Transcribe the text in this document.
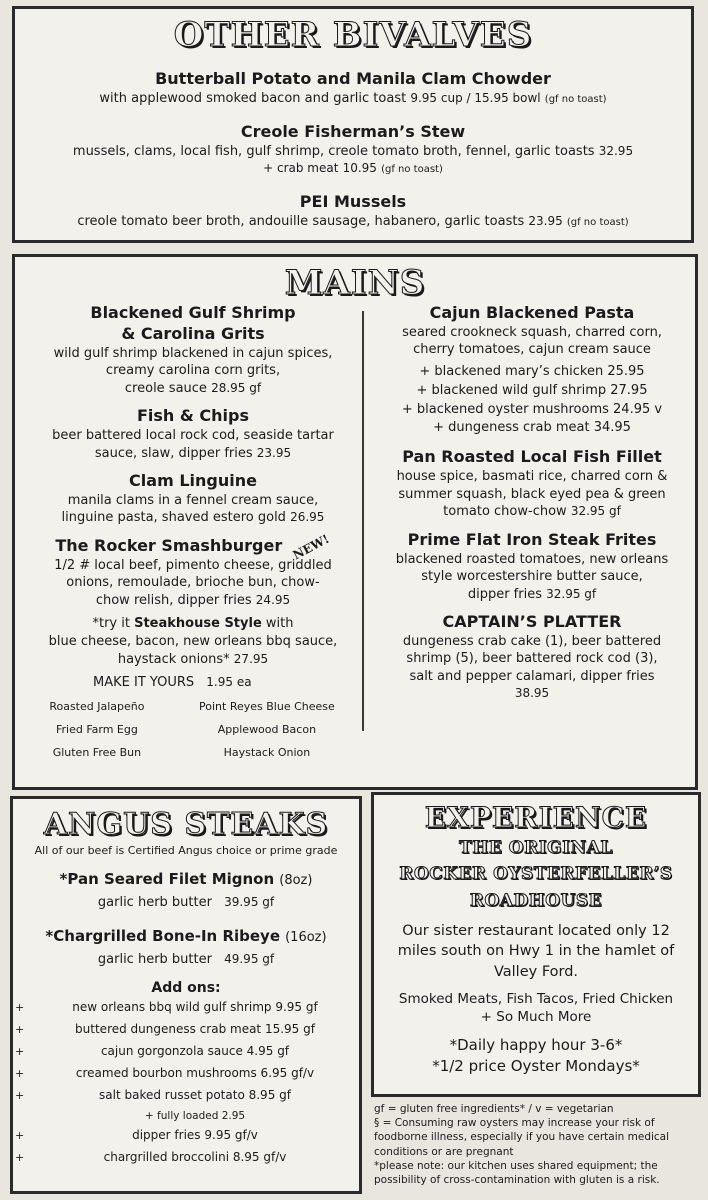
OTHER BIVALVES
Butterball Potato and Manila Clam Chowder
with applewood smoked bacon and garlic toast 9.95 cup / 15.95 bowl (gf no toast)
Creole Fisherman’s Stew
mussels, clams, local fish, gulf shrimp, creole tomato broth, fennel, garlic toasts 32.95
+ crab meat 10.95 (gf no toast)
PEI Mussels
creole tomato beer broth, andouille sausage, habanero, garlic toasts 23.95 (gf no toast)
MAINS
Blackened Gulf Shrimp
& Carolina Grits
wild gulf shrimp blackened in cajun spices,
creamy carolina corn grits,
creole sauce 28.95 gf
Fish & Chips
beer battered local rock cod, seaside tartar
sauce, slaw, dipper fries 23.95
Clam Linguine
manila clams in a fennel cream sauce,
linguine pasta, shaved estero gold 26.95
The Rocker Smashburger NEW!
1/2 # local beef, pimento cheese, griddled
onions, remoulade, brioche bun, chow-
chow relish, dipper fries 24.95
*try it Steakhouse Style with
blue cheese, bacon, new orleans bbq sauce,
haystack onions* 27.95
MAKE IT YOURS 1.95 ea
Roasted Jalapeño	Point Reyes Blue Cheese
Fried Farm Egg	Applewood Bacon
Gluten Free Bun	Haystack Onion
Cajun Blackened Pasta
seared crookneck squash, charred corn,
cherry tomatoes, cajun cream sauce
+ blackened mary’s chicken 25.95
+ blackened wild gulf shrimp 27.95
+ blackened oyster mushrooms 24.95 v
+ dungeness crab meat 34.95
Pan Roasted Local Fish Fillet
house spice, basmati rice, charred corn &
summer squash, black eyed pea & green
tomato chow-chow 32.95 gf
Prime Flat Iron Steak Frites
blackened roasted tomatoes, new orleans
style worcestershire butter sauce,
dipper fries 32.95 gf
CAPTAIN’S PLATTER
dungeness crab cake (1), beer battered
shrimp (5), beer battered rock cod (3),
salt and pepper calamari, dipper fries
38.95
ANGUS STEAKS
All of our beef is Certified Angus choice or prime grade
*Pan Seared Filet Mignon (8oz)
garlic herb butter 39.95 gf
*Chargrilled Bone-In Ribeye (16oz)
garlic herb butter 49.95 gf
Add ons:
+	new orleans bbq wild gulf shrimp 9.95 gf
+	buttered dungeness crab meat 15.95 gf
+	cajun gorgonzola sauce 4.95 gf
+	creamed bourbon mushrooms 6.95 gf/v
+	salt baked russet potato 8.95 gf
+ fully loaded 2.95
+	dipper fries 9.95 gf/v
+	chargrilled broccolini 8.95 gf/v
EXPERIENCE
THE ORIGINAL
ROCKER OYSTERFELLER’S
ROADHOUSE
Our sister restaurant located only 12
miles south on Hwy 1 in the hamlet of
Valley Ford.
Smoked Meats, Fish Tacos, Fried Chicken
+ So Much More
*Daily happy hour 3-6*
*1/2 price Oyster Mondays*
gf = gluten free ingredients* / v = vegetarian
§ = Consuming raw oysters may increase your risk of
foodborne illness, especially if you have certain medical
conditions or are pregnant
*please note: our kitchen uses shared equipment; the
possibility of cross-contamination with gluten is a risk.
